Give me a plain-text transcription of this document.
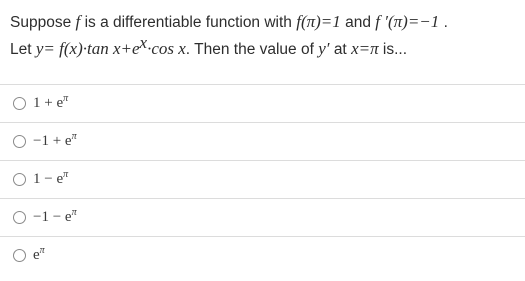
Suppose f is a differentiable function with f(π)=1 and f ′(π)=−1 .
Let y= f(x)·tan $x+e^x\cdot\cos$ x. Then the value of y′ at x=π is...
$1 + e^\pi$
$-1 + e^\pi$
$1 - e^\pi$
$-1 - e^\pi$
$e^\pi$
